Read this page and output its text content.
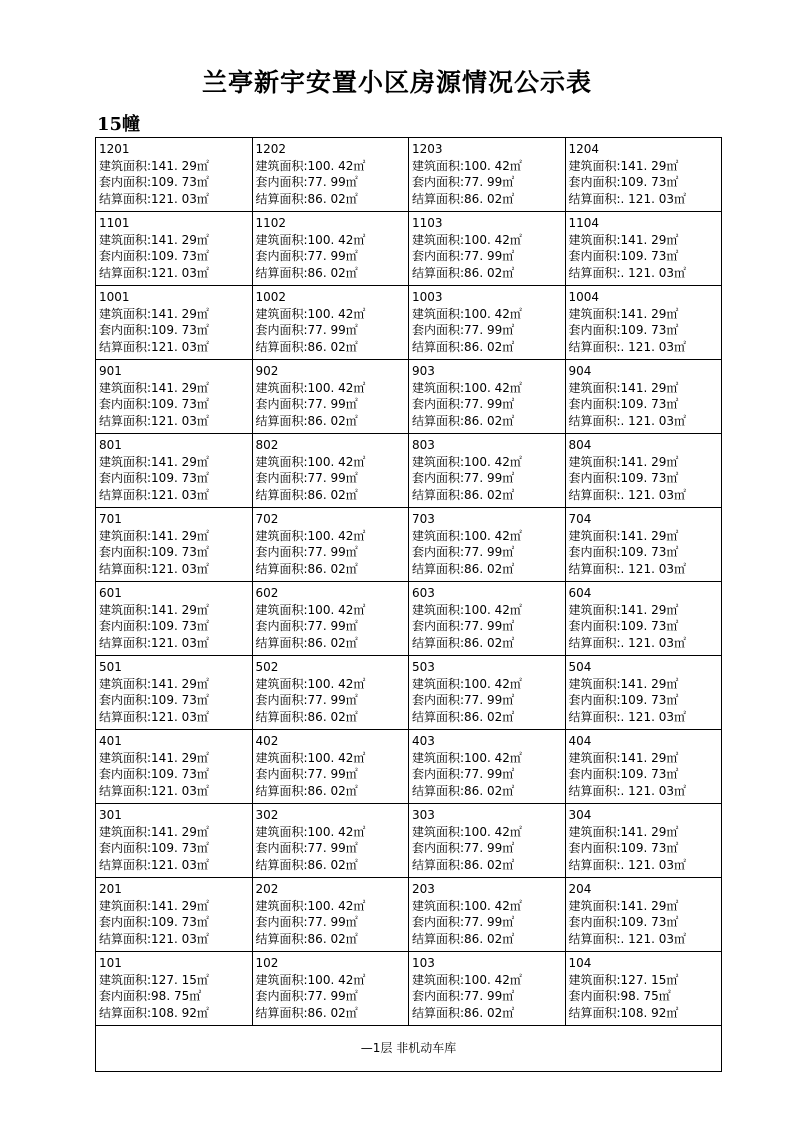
兰亭新宇安置小区房源情况公示表
15幢
1201
建筑面积:141. 29㎡
套内面积:109. 73㎡
结算面积:121. 03㎡	1202
建筑面积:100. 42㎡
套内面积:77. 99㎡
结算面积:86. 02㎡	1203
建筑面积:100. 42㎡
套内面积:77. 99㎡
结算面积:86. 02㎡	1204
建筑面积:141. 29㎡
套内面积:109. 73㎡
结算面积:. 121. 03㎡

1101
建筑面积:141. 29㎡
套内面积:109. 73㎡
结算面积:121. 03㎡	1102
建筑面积:100. 42㎡
套内面积:77. 99㎡
结算面积:86. 02㎡	1103
建筑面积:100. 42㎡
套内面积:77. 99㎡
结算面积:86. 02㎡	1104
建筑面积:141. 29㎡
套内面积:109. 73㎡
结算面积:. 121. 03㎡

1001
建筑面积:141. 29㎡
套内面积:109. 73㎡
结算面积:121. 03㎡	1002
建筑面积:100. 42㎡
套内面积:77. 99㎡
结算面积:86. 02㎡	1003
建筑面积:100. 42㎡
套内面积:77. 99㎡
结算面积:86. 02㎡	1004
建筑面积:141. 29㎡
套内面积:109. 73㎡
结算面积:. 121. 03㎡

901
建筑面积:141. 29㎡
套内面积:109. 73㎡
结算面积:121. 03㎡	902
建筑面积:100. 42㎡
套内面积:77. 99㎡
结算面积:86. 02㎡	903
建筑面积:100. 42㎡
套内面积:77. 99㎡
结算面积:86. 02㎡	904
建筑面积:141. 29㎡
套内面积:109. 73㎡
结算面积:. 121. 03㎡

801
建筑面积:141. 29㎡
套内面积:109. 73㎡
结算面积:121. 03㎡	802
建筑面积:100. 42㎡
套内面积:77. 99㎡
结算面积:86. 02㎡	803
建筑面积:100. 42㎡
套内面积:77. 99㎡
结算面积:86. 02㎡	804
建筑面积:141. 29㎡
套内面积:109. 73㎡
结算面积:. 121. 03㎡

701
建筑面积:141. 29㎡
套内面积:109. 73㎡
结算面积:121. 03㎡	702
建筑面积:100. 42㎡
套内面积:77. 99㎡
结算面积:86. 02㎡	703
建筑面积:100. 42㎡
套内面积:77. 99㎡
结算面积:86. 02㎡	704
建筑面积:141. 29㎡
套内面积:109. 73㎡
结算面积:. 121. 03㎡

601
建筑面积:141. 29㎡
套内面积:109. 73㎡
结算面积:121. 03㎡	602
建筑面积:100. 42㎡
套内面积:77. 99㎡
结算面积:86. 02㎡	603
建筑面积:100. 42㎡
套内面积:77. 99㎡
结算面积:86. 02㎡	604
建筑面积:141. 29㎡
套内面积:109. 73㎡
结算面积:. 121. 03㎡

501
建筑面积:141. 29㎡
套内面积:109. 73㎡
结算面积:121. 03㎡	502
建筑面积:100. 42㎡
套内面积:77. 99㎡
结算面积:86. 02㎡	503
建筑面积:100. 42㎡
套内面积:77. 99㎡
结算面积:86. 02㎡	504
建筑面积:141. 29㎡
套内面积:109. 73㎡
结算面积:. 121. 03㎡

401
建筑面积:141. 29㎡
套内面积:109. 73㎡
结算面积:121. 03㎡	402
建筑面积:100. 42㎡
套内面积:77. 99㎡
结算面积:86. 02㎡	403
建筑面积:100. 42㎡
套内面积:77. 99㎡
结算面积:86. 02㎡	404
建筑面积:141. 29㎡
套内面积:109. 73㎡
结算面积:. 121. 03㎡

301
建筑面积:141. 29㎡
套内面积:109. 73㎡
结算面积:121. 03㎡	302
建筑面积:100. 42㎡
套内面积:77. 99㎡
结算面积:86. 02㎡	303
建筑面积:100. 42㎡
套内面积:77. 99㎡
结算面积:86. 02㎡	304
建筑面积:141. 29㎡
套内面积:109. 73㎡
结算面积:. 121. 03㎡

201
建筑面积:141. 29㎡
套内面积:109. 73㎡
结算面积:121. 03㎡	202
建筑面积:100. 42㎡
套内面积:77. 99㎡
结算面积:86. 02㎡	203
建筑面积:100. 42㎡
套内面积:77. 99㎡
结算面积:86. 02㎡	204
建筑面积:141. 29㎡
套内面积:109. 73㎡
结算面积:. 121. 03㎡

101
建筑面积:127. 15㎡
套内面积:98. 75㎡
结算面积:108. 92㎡	102
建筑面积:100. 42㎡
套内面积:77. 99㎡
结算面积:86. 02㎡	103
建筑面积:100. 42㎡
套内面积:77. 99㎡
结算面积:86. 02㎡	104
建筑面积:127. 15㎡
套内面积:98. 75㎡
结算面积:108. 92㎡

—1层 非机动车库			
